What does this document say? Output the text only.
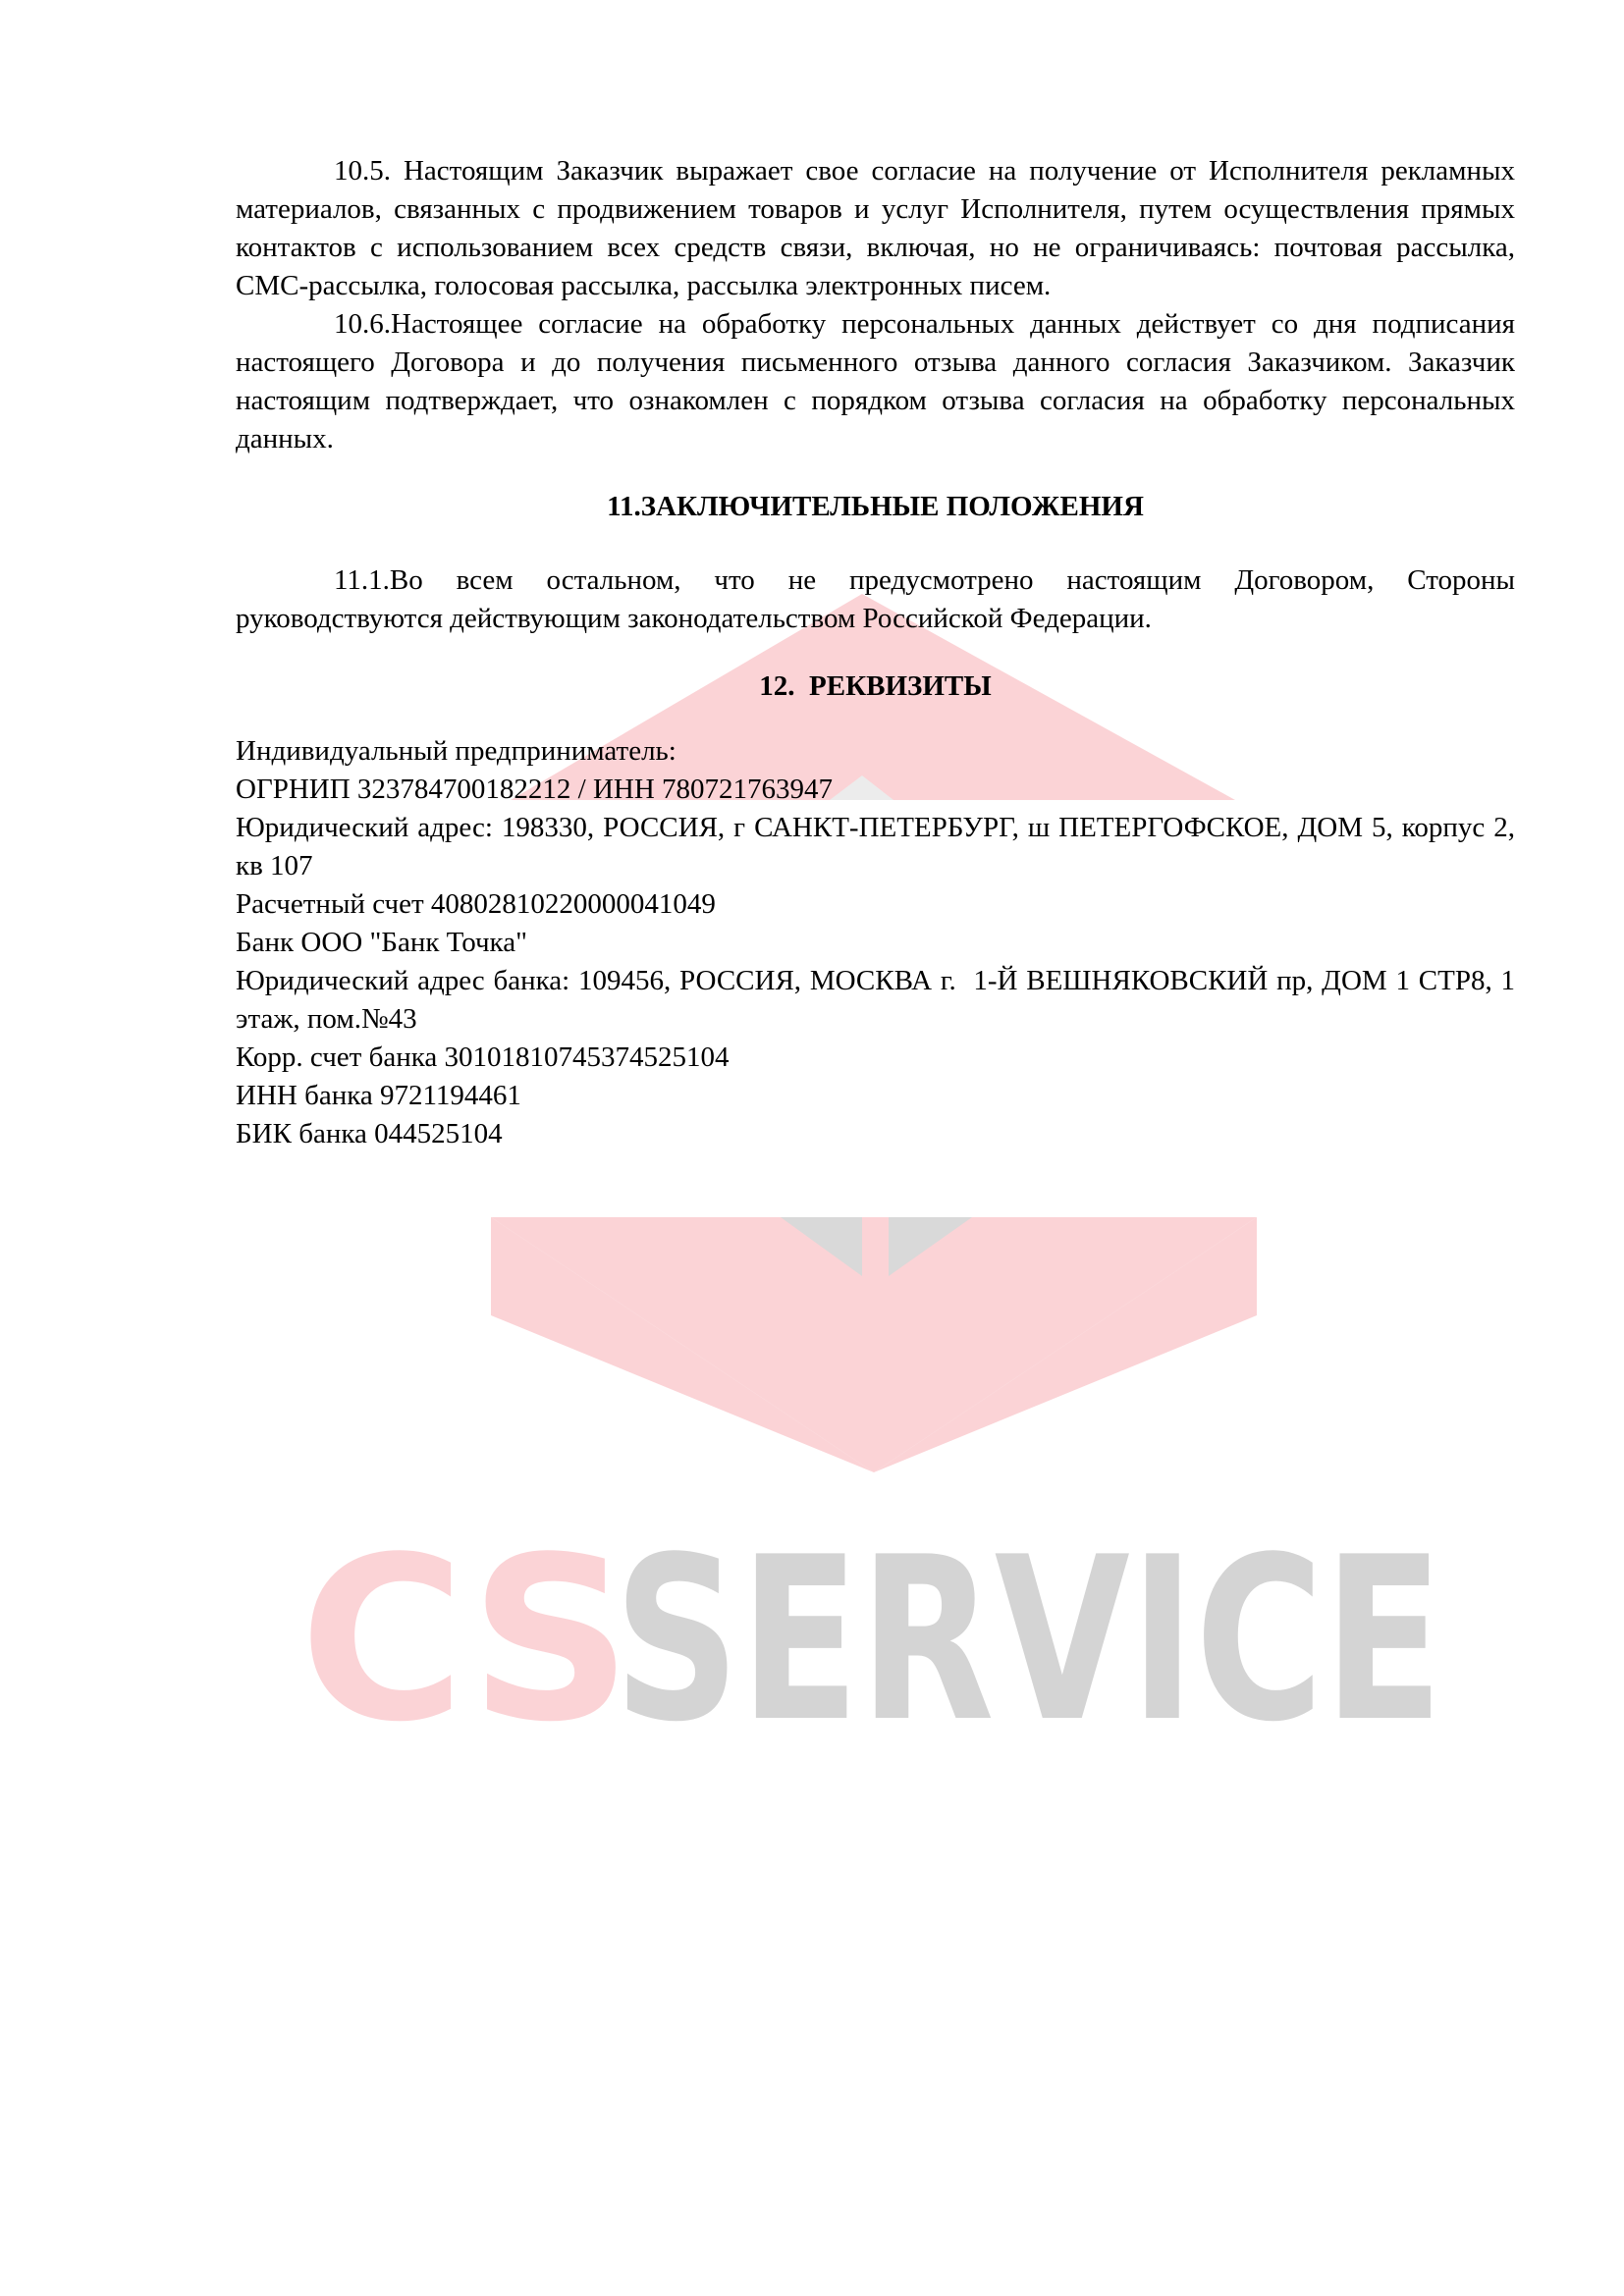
CS
SERVICE

10.5. Настоящим Заказчик выражает свое согласие на получение от Исполнителя рекламных материалов, связанных с продвижением товаров и услуг Исполнителя, путем осуществления прямых контактов с использованием всех средств связи, включая, но не ограничиваясь: почтовая рассылка, СМС-рассылка, голосовая рассылка, рассылка электронных писем.

10.6.Настоящее согласие на обработку персональных данных действует со дня подписания настоящего Договора и до получения письменного отзыва данного согласия Заказчиком. Заказчик настоящим подтверждает, что ознакомлен с порядком отзыва согласия на обработку персональных данных.

11.ЗАКЛЮЧИТЕЛЬНЫЕ ПОЛОЖЕНИЯ

11.1.Во всем остальном, что не предусмотрено настоящим Договором, Стороны руководствуются действующим законодательством Российской Федерации.

12.  РЕКВИЗИТЫ

Индивидуальный предприниматель:

ОГРНИП 323784700182212 / ИНН 780721763947

Юридический адрес: 198330, РОССИЯ, г САНКТ-ПЕТЕРБУРГ, ш ПЕТЕРГОФСКОЕ, ДОМ 5, корпус 2, кв 107

Расчетный счет 40802810220000041049

Банк ООО "Банк Точка"

Юридический адрес банка: 109456, РОССИЯ, МОСКВА г.  1-Й ВЕШНЯКОВСКИЙ пр, ДОМ 1 СТР8, 1 этаж, пом.№43

Корр. счет банка 30101810745374525104

ИНН банка 9721194461

БИК банка 044525104
